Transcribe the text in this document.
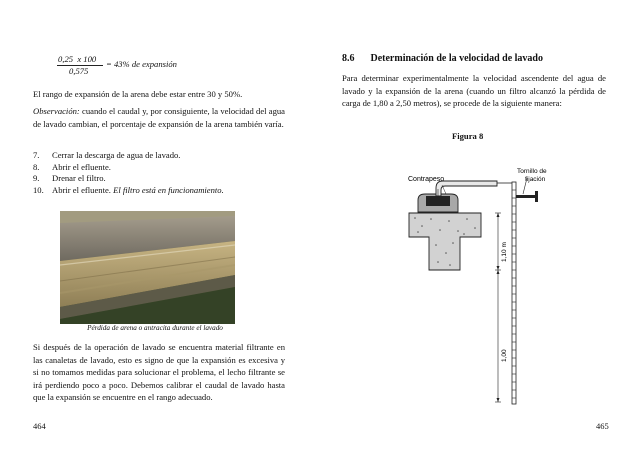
0,25  x 100
0,575
= 43% de expansión
El rango de expansión de la arena debe estar entre 30 y 50%.
Observación: cuando el caudal y, por consiguiente, la velocidad del agua de lavado cambian, el porcentaje de expansión de la arena también varía.
7. Cerrar la descarga de agua de lavado.
8. Abrir el efluente.
9. Drenar el filtro.
10. Abrir el efluente. El filtro está en funcionamiento.
Pérdida de arena o antracita durante el lavado
Si después de la operación de lavado se encuentra material filtrante en las canaletas de lavado, esto es signo de que la expansión es excesiva y si no tomamos medidas para solucionar el problema, el lecho filtrante se irá perdiendo poco a poco. Debemos calibrar el caudal de lavado hasta que la expansión se encuentre en el rango adecuado.
464
8.6 Determinación de la velocidad de lavado
Para determinar experimentalmente la velocidad ascendente del agua de lavado y la expansión de la arena (cuando un filtro alcanzó la pérdida de carga de 1,80 a 2,50 metros), se procede de la siguiente manera:
Figura 8
Contrapeso
Tornillo de
fijación
1,10 m
1,00
465
